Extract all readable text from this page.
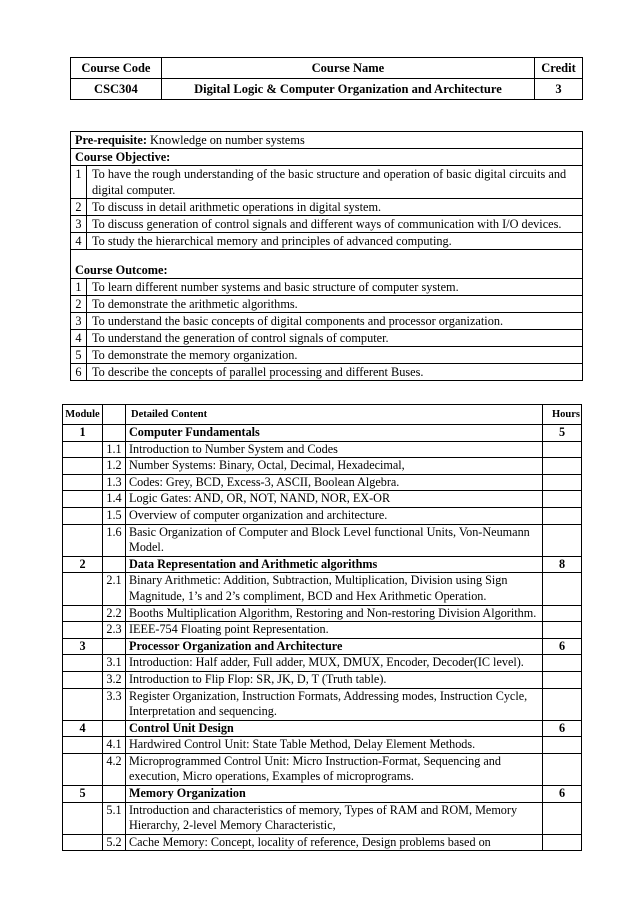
Course Code	Course Name	Credit
CSC304	Digital Logic & Computer Organization and Architecture	3
Pre-requisite: Knowledge on number systems	
Course Objective:	
1	To have the rough understanding of the basic structure and operation of basic digital circuits and digital computer.
2	To discuss in detail arithmetic operations in digital system.
3	To discuss generation of control signals and different ways of communication with I/O devices.
4	To study the hierarchical memory and principles of advanced computing.

Course Outcome:	
1	To learn different number systems and basic structure of computer system.
2	To demonstrate the arithmetic algorithms.
3	To understand the basic concepts of digital components and processor organization.
4	To understand the generation of control signals of computer.
5	To demonstrate the memory organization.
6	To describe the concepts of parallel processing and different Buses.
Module		Detailed Content	Hours
1		Computer Fundamentals	5
	1.1	Introduction to Number System and Codes	
	1.2	Number Systems: Binary, Octal, Decimal, Hexadecimal,	
	1.3	Codes: Grey, BCD, Excess-3, ASCII, Boolean Algebra.	
	1.4	Logic Gates: AND, OR, NOT, NAND, NOR, EX-OR	
	1.5	Overview of computer organization and architecture.	
	1.6	Basic Organization of Computer and Block Level functional Units, Von-Neumann Model.	
2		Data Representation and Arithmetic algorithms	8
	2.1	Binary Arithmetic: Addition, Subtraction, Multiplication, Division using Sign Magnitude, 1’s and 2’s compliment, BCD and Hex Arithmetic Operation.	
	2.2	Booths Multiplication Algorithm, Restoring and Non-restoring Division Algorithm.	
	2.3	IEEE-754 Floating point Representation.	
3		Processor Organization and Architecture	6
	3.1	Introduction: Half adder, Full adder, MUX, DMUX, Encoder, Decoder(IC level).	
	3.2	Introduction to Flip Flop: SR, JK, D, T (Truth table).	
	3.3	Register Organization, Instruction Formats, Addressing modes, Instruction Cycle, Interpretation and sequencing.	
4		Control Unit Design	6
	4.1	Hardwired Control Unit: State Table Method, Delay Element Methods.	
	4.2	Microprogrammed Control Unit: Micro Instruction-Format, Sequencing and execution, Micro operations, Examples of microprograms.	
5		Memory Organization	6
	5.1	Introduction and characteristics of memory, Types of RAM and ROM, Memory Hierarchy, 2-level Memory Characteristic,	
	5.2	Cache Memory: Concept, locality of reference, Design problems based on	
